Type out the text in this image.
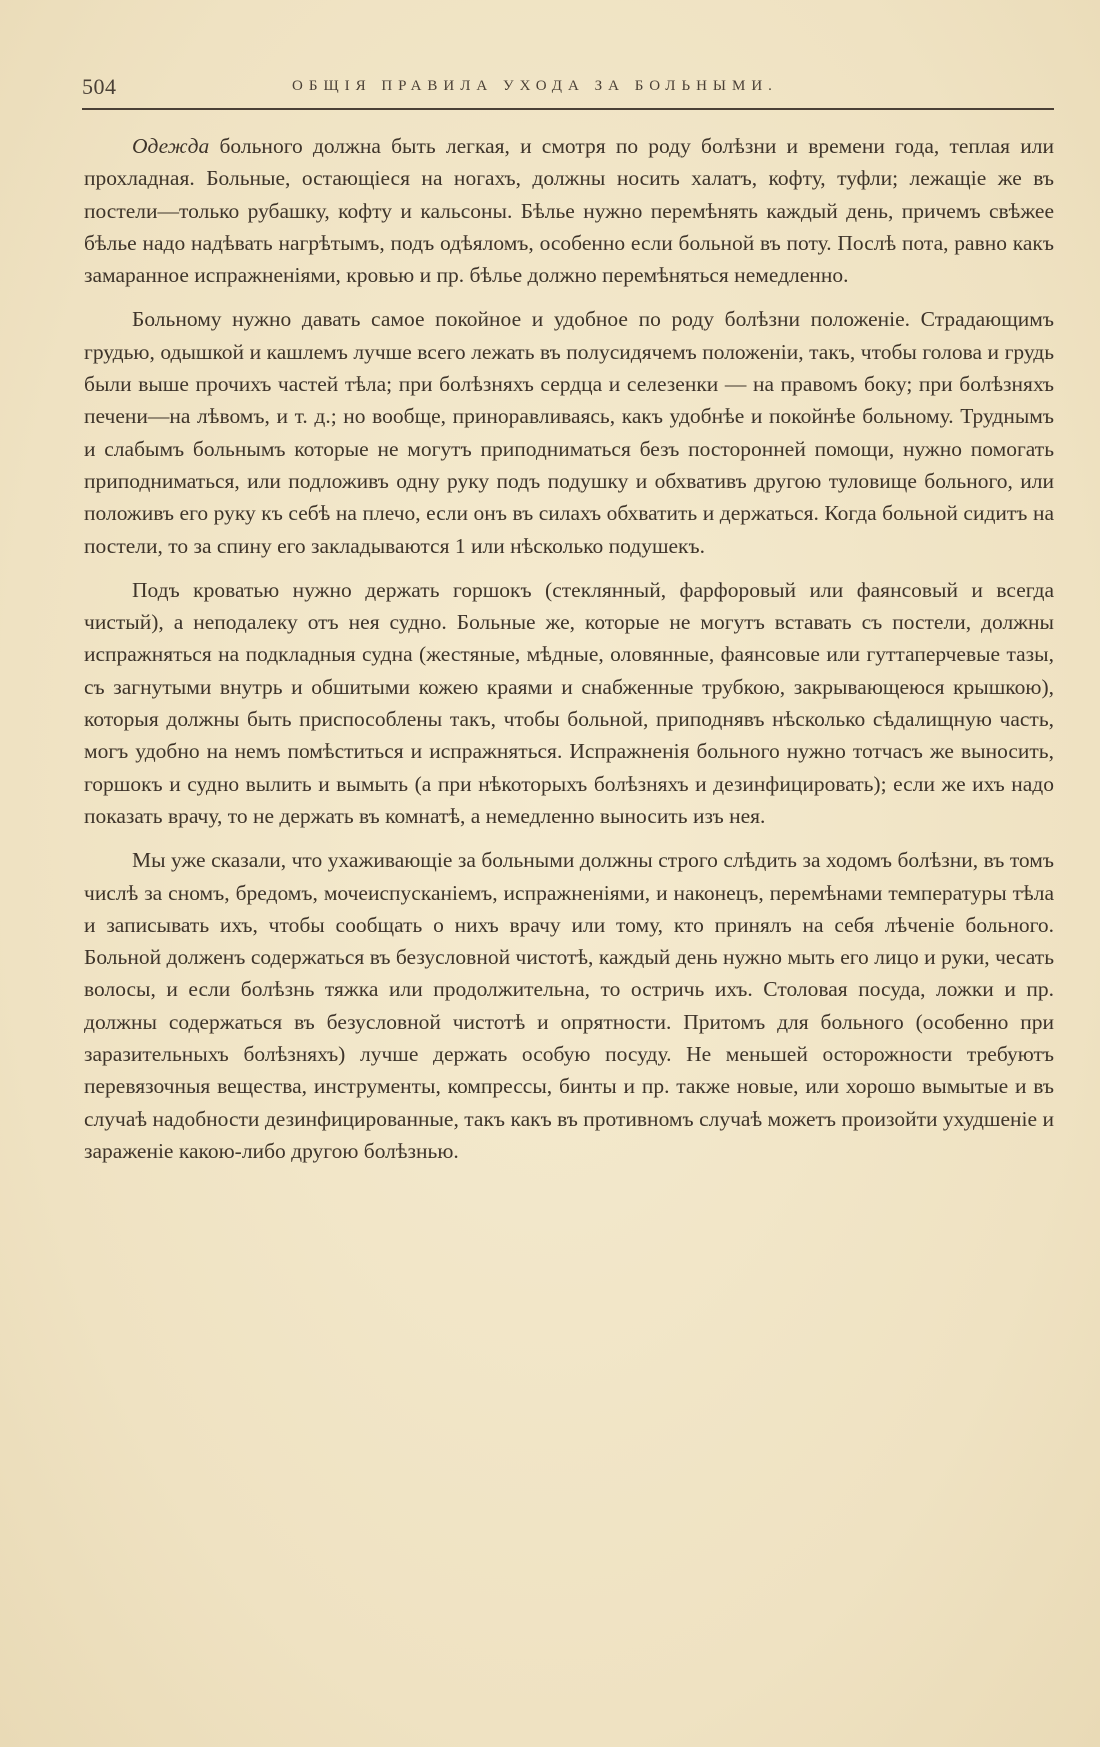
504	ОБЩІЯ ПРАВИЛА УХОДА ЗА БОЛЬНЫМИ.

Одежда больного должна быть легкая, и смотря по роду болѣзни и времени года, теплая или прохладная. Больные, остающіеся на ногахъ, должны носить халатъ, кофту, туфли; лежащіе же въ постели—только рубашку, кофту и кальсоны. Бѣлье нужно перемѣнять каждый день, причемъ свѣжее бѣлье надо надѣвать нагрѣтымъ, подъ одѣяломъ, особенно если больной въ поту. Послѣ пота, равно какъ замаранное испражненіями, кровью и пр. бѣлье должно перемѣняться немедленно.

Больному нужно давать самое покойное и удобное по роду болѣзни положеніе. Страдающимъ грудью, одышкой и кашлемъ лучше всего лежать въ полусидячемъ положеніи, такъ, чтобы голова и грудь были выше прочихъ частей тѣла; при болѣзняхъ сердца и селезенки — на правомъ боку; при болѣзняхъ печени—на лѣвомъ, и т. д.; но вообще, приноравливаясь, какъ удобнѣе и покойнѣе больному. Труднымъ и слабымъ больнымъ которые не могутъ приподниматься безъ посторонней помощи, нужно помогать приподниматься, или подложивъ одну руку подъ подушку и обхвативъ другою туловище больного, или положивъ его руку къ себѣ на плечо, если онъ въ силахъ обхватить и держаться. Когда больной сидитъ на постели, то за спину его закладываются 1 или нѣсколько подушекъ.

Подъ кроватью нужно держать горшокъ (стеклянный, фарфоровый или фаянсовый и всегда чистый), а неподалеку отъ нея судно. Больные же, которые не могутъ вставать съ постели, должны испражняться на подкладныя судна (жестяные, мѣдные, оловянные, фаянсовые или гуттаперчевые тазы, съ загнутыми внутрь и обшитыми кожею краями и снабженные трубкою, закрывающеюся крышкою), которыя должны быть приспособлены такъ, чтобы больной, приподнявъ нѣсколько сѣдалищную часть, могъ удобно на немъ помѣститься и испражняться. Испражненія больного нужно тотчасъ же выносить, горшокъ и судно вылить и вымыть (а при нѣкоторыхъ болѣзняхъ и дезинфицировать); если же ихъ надо показать врачу, то не держать въ комнатѣ, а немедленно выносить изъ нея.

Мы уже сказали, что ухаживающіе за больными должны строго слѣдить за ходомъ болѣзни, въ томъ числѣ за сномъ, бредомъ, мочеиспусканіемъ, испражненіями, и наконецъ, перемѣнами температуры тѣла и записывать ихъ, чтобы сообщать о нихъ врачу или тому, кто принялъ на себя лѣченіе больного. Больной долженъ содержаться въ безусловной чистотѣ, каждый день нужно мыть его лицо и руки, чесать волосы, и если болѣзнь тяжка или продолжительна, то остричь ихъ. Столовая посуда, ложки и пр. должны содержаться въ безусловной чистотѣ и опрятности. Притомъ для больного (особенно при заразительныхъ болѣзняхъ) лучше держать особую посуду. Не меньшей осторожности требуютъ перевязочныя вещества, инструменты, компрессы, бинты и пр. также новые, или хорошо вымытые и въ случаѣ надобности дезинфицированные, такъ какъ въ противномъ случаѣ можетъ произойти ухудшеніе и зараженіе какою-либо другою болѣзнью.
